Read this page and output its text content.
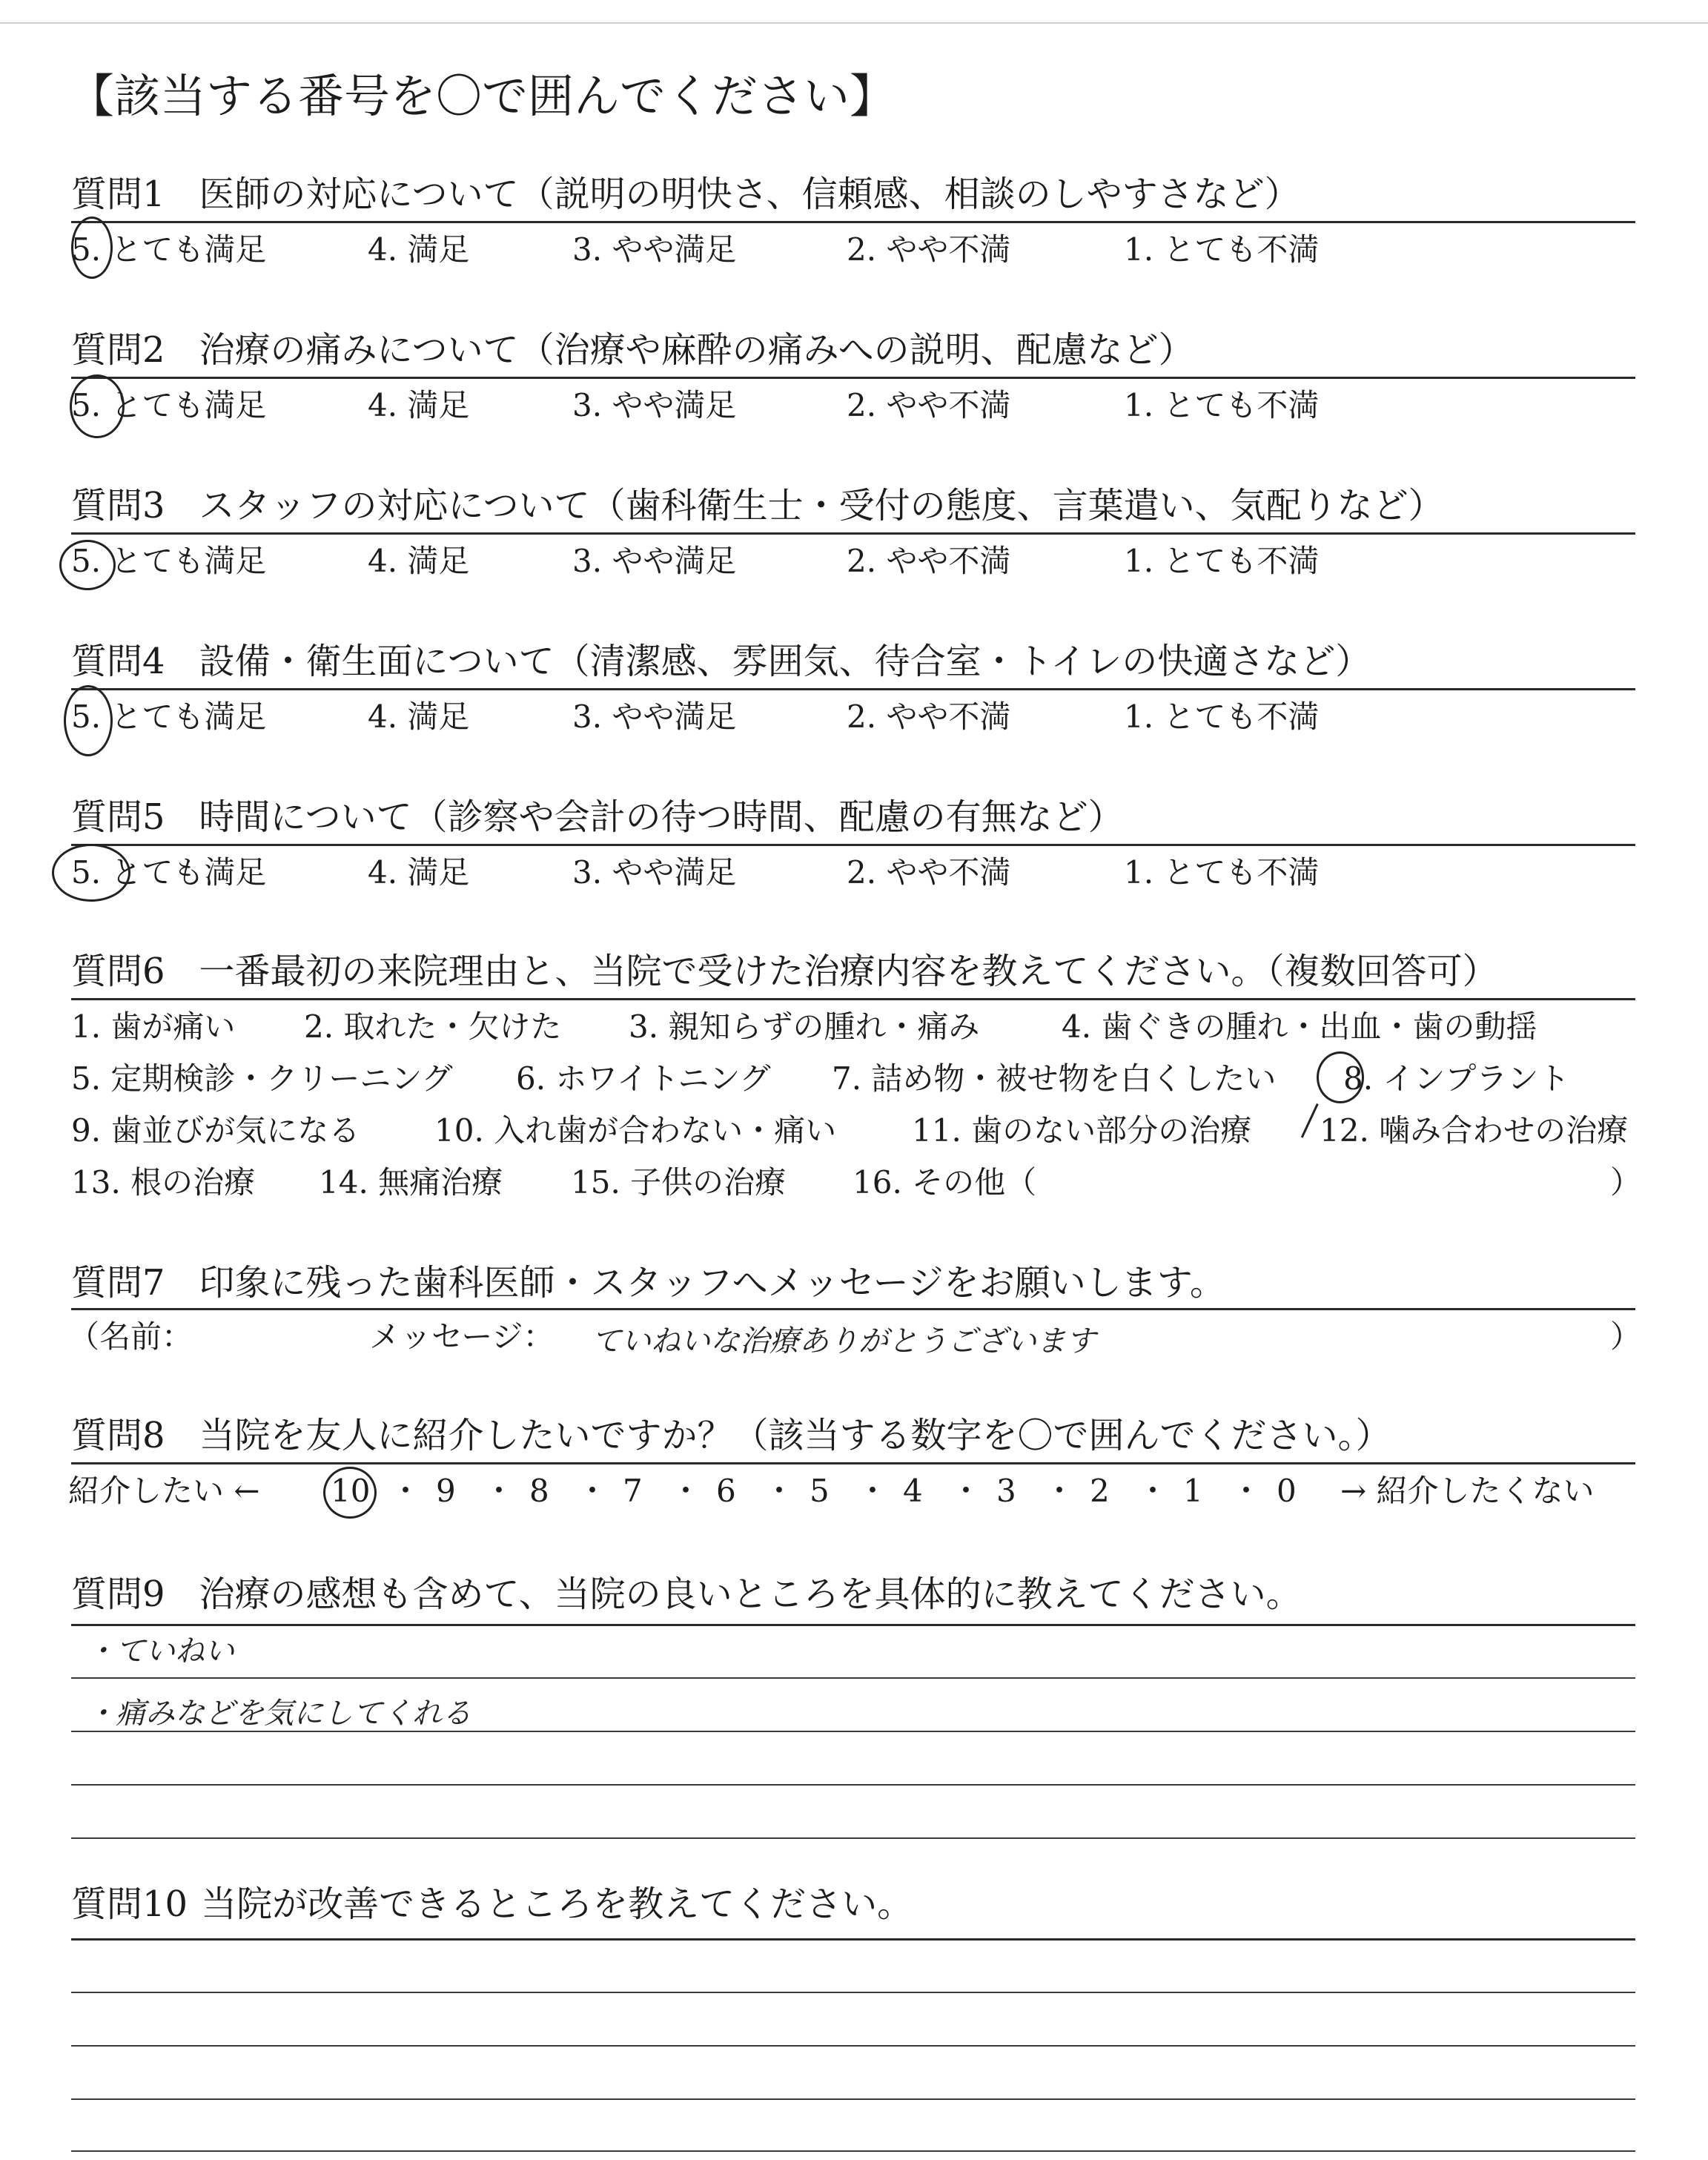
【該当する番号を〇で囲んでください】
質問1 医師の対応について（説明の明快さ、信頼感、相談のしやすさなど）
5. とても満足	4. 満足	3. やや満足	2. やや不満	1. とても不満
質問2 治療の痛みについて（治療や麻酔の痛みへの説明、配慮など）
5. とても満足	4. 満足	3. やや満足	2. やや不満	1. とても不満
質問3 スタッフの対応について（歯科衛生士・受付の態度、言葉遣い、気配りなど）
5. とても満足	4. 満足	3. やや満足	2. やや不満	1. とても不満
質問4 設備・衛生面について（清潔感、雰囲気、待合室・トイレの快適さなど）
5. とても満足	4. 満足	3. やや満足	2. やや不満	1. とても不満
質問5 時間について（診察や会計の待つ時間、配慮の有無など）
5. とても満足	4. 満足	3. やや満足	2. やや不満	1. とても不満
質問6 一番最初の来院理由と、当院で受けた治療内容を教えてください。（複数回答可）
1. 歯が痛い 2. 取れた・欠けた 3. 親知らずの腫れ・痛み	4. 歯ぐきの腫れ・出血・歯の動揺
5. 定期検診・クリーニング 6. ホワイトニング 7. 詰め物・被せ物を白くしたい 8. インプラント
9. 歯並びが気になる 10. 入れ歯が合わない・痛い 11. 歯のない部分の治療 12. 噛み合わせの治療
13. 根の治療 14. 無痛治療 15. 子供の治療 16. その他（	）
質問7 印象に残った歯科医師・スタッフへメッセージをお願いします。
（名前：	メッセージ： ていねいな治療ありがとうございます	）
質問8 当院を友人に紹介したいですか？（該当する数字を〇で囲んでください。）
紹介したい ← 10 ・ 9 ・ 8 ・ 7 ・ 6 ・ 5 ・ 4 ・ 3 ・ 2 ・ 1 ・ 0 → 紹介したくない
質問9 治療の感想も含めて、当院の良いところを具体的に教えてください。
・ていねい
・痛みなどを気にしてくれる
質問10 当院が改善できるところを教えてください。
